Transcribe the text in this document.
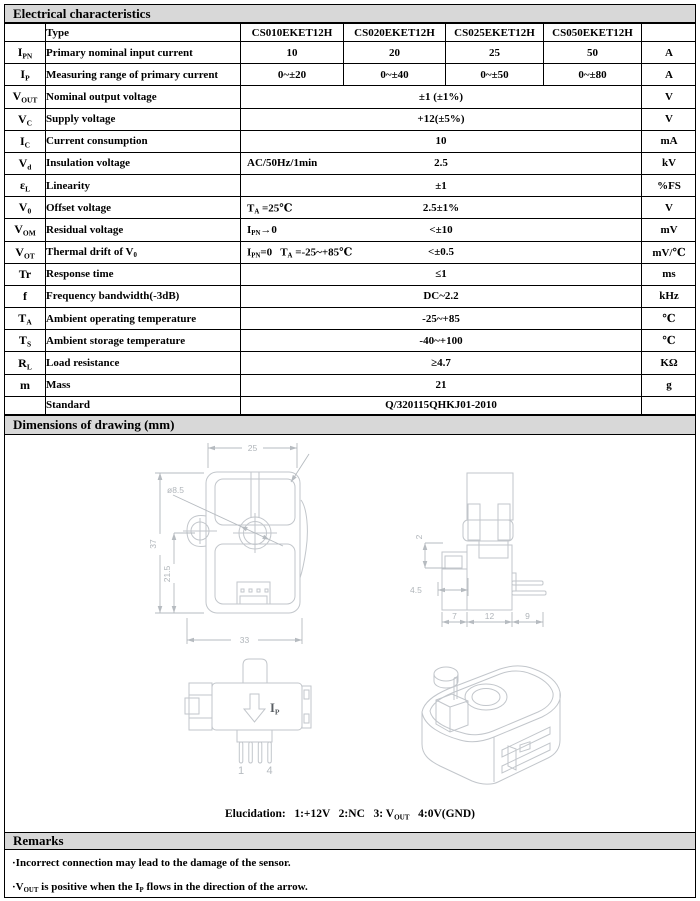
Electrical characteristics
	Type	CS010EKET12H	CS020EKET12H	CS025EKET12H	CS050EKET12H	
$I_{PN}$	Primary nominal input current	10	20	25	50	A
$I_P$	Measuring range of primary current	0~±20	0~±40	0~±50	0~±80	A
$V_{OUT}$	Nominal output voltage	±1 (±1%)				V
$V_C$	Supply voltage	+12(±5%)				V
$I_C$	Current consumption	10				mA
$V_d$	Insulation voltage	AC/50Hz/1min 2.5				kV
$\varepsilon_L$	Linearity	±1				%FS
$V_0$	Offset voltage	$T_A$ =25℃ 2.5±1%				V
$V_{OM}$	Residual voltage	$I_{PN}\to 0 <\pm 10$				mV
$V_{OT}$	Thermal drift of $V_0$	$I_{PN}=0$   $T_A$ =-25~+85℃ <±0.5				mV/℃
Tr	Response time	≤1				ms
f	Frequency bandwidth(-3dB)	DC~2.2				kHz
$T_A$	Ambient operating temperature	-25~+85				℃
$T_S$	Ambient storage temperature	-40~+100				℃
$R_L$	Load resistance	≥4.7				KΩ
m	Mass	21				g
	Standard	Q/320115QHKJ01-2010				

Dimensions of drawing (mm)
25
ø8.5
37
21.5
33
2
4.5
7	12	9
$I_P$
1 4
Elucidation:   1:+12V   2:NC   3: $V_{OUT}$   4:0V(GND)
Remarks
·Incorrect connection may lead to the damage of the sensor.
$\cdot V_{OUT}$ is positive when the $I_P$ flows in the direction of the arrow.
